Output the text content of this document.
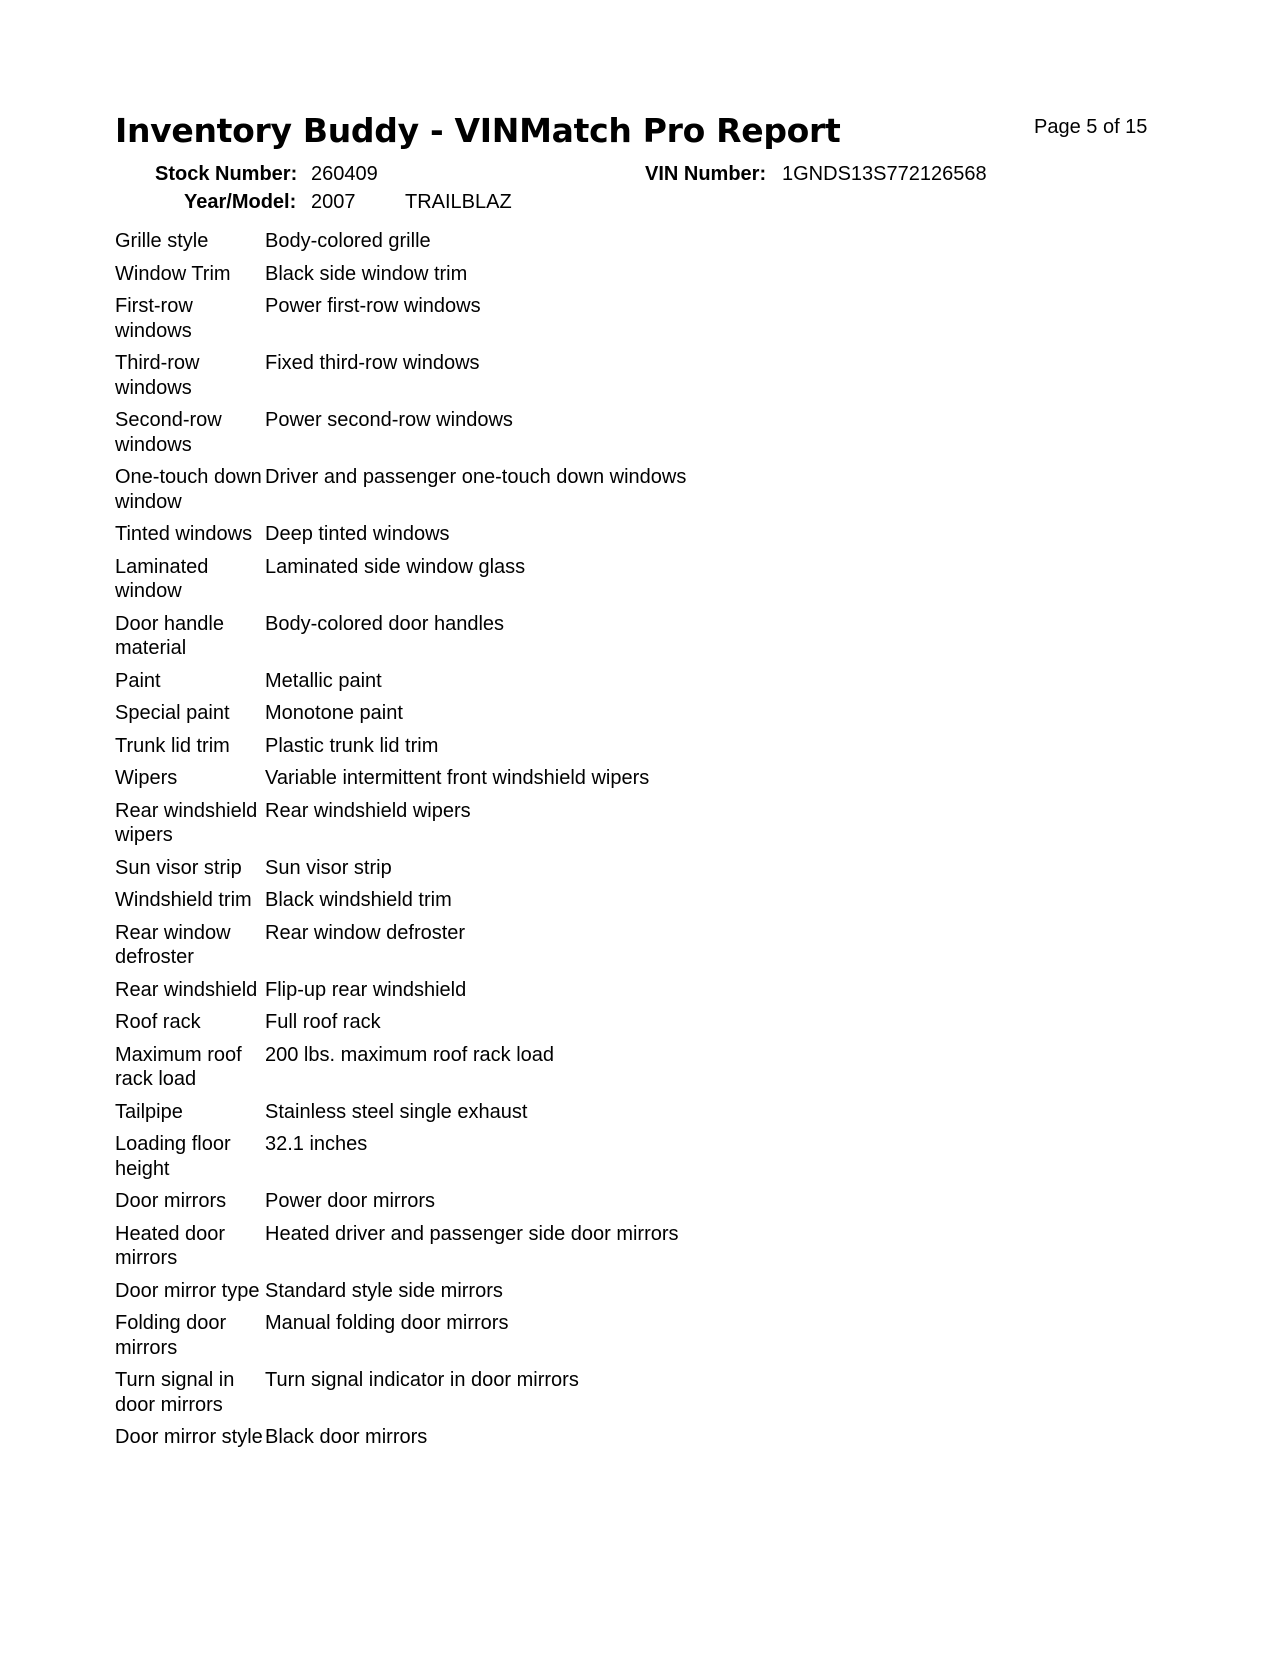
Page 5 of 15
Inventory Buddy - VINMatch Pro Report
Stock Number: 260409	VIN Number: 1GNDS13S772126568
Year/Model: 2007 TRAILBLAZ
Grille style	Body-colored grille
Window Trim	Black side window trim
First-row windows	Power first-row windows
Third-row windows	Fixed third-row windows
Second-row windows	Power second-row windows
One-touch down window	Driver and passenger one-touch down windows
Tinted windows	Deep tinted windows
Laminated window	Laminated side window glass
Door handle material	Body-colored door handles
Paint	Metallic paint
Special paint	Monotone paint
Trunk lid trim	Plastic trunk lid trim
Wipers	Variable intermittent front windshield wipers
Rear windshield wipers	Rear windshield wipers
Sun visor strip	Sun visor strip
Windshield trim	Black windshield trim
Rear window defroster	Rear window defroster
Rear windshield	Flip-up rear windshield
Roof rack	Full roof rack
Maximum roof rack load	200 lbs. maximum roof rack load
Tailpipe	Stainless steel single exhaust
Loading floor height	32.1 inches
Door mirrors	Power door mirrors
Heated door mirrors	Heated driver and passenger side door mirrors
Door mirror type	Standard style side mirrors
Folding door mirrors	Manual folding door mirrors
Turn signal in door mirrors	Turn signal indicator in door mirrors
Door mirror style	Black door mirrors
